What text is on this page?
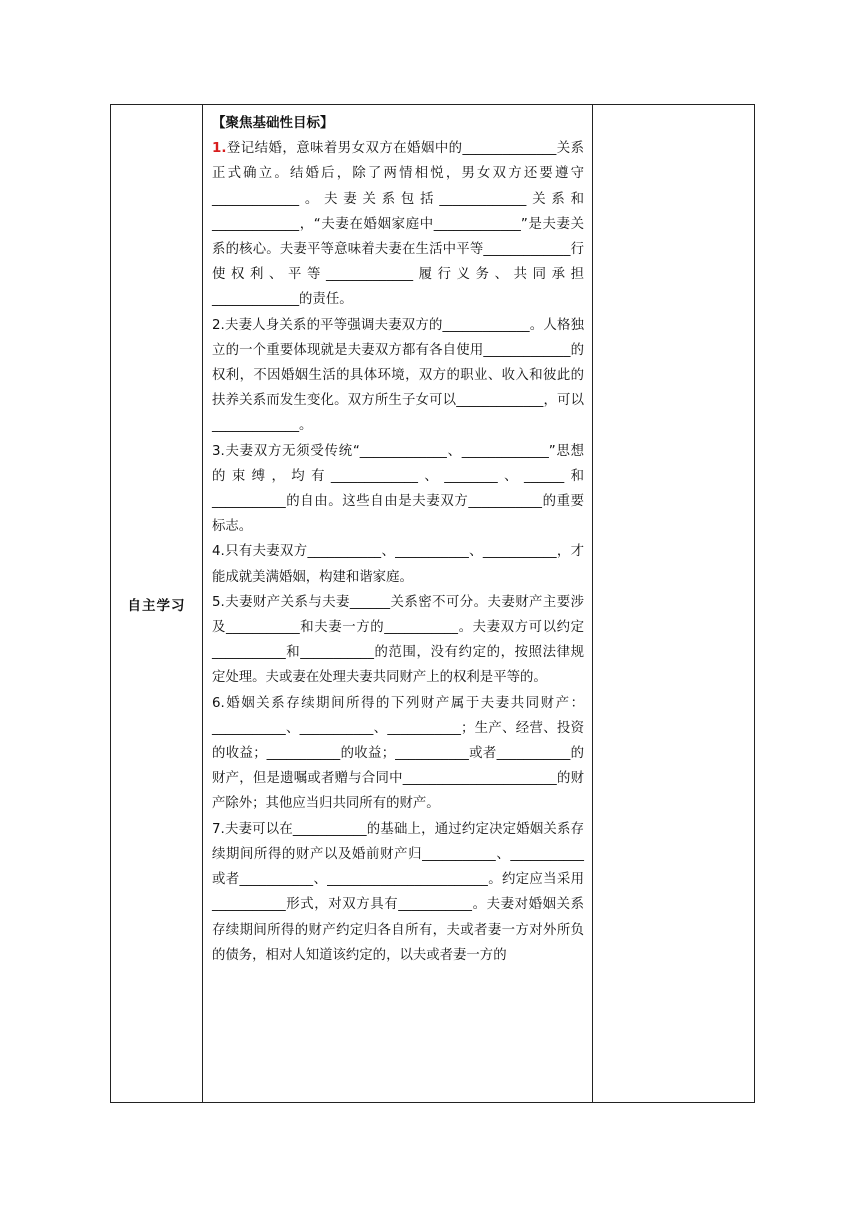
自主学习	

【聚焦基础性目标】

1.登记结婚，意味着男女双方在婚姻中的______________关系正式确立。结婚后，除了两情相悦，男女双方还要遵守_____________。夫妻关系包括_____________关系和_____________，“夫妻在婚姻家庭中_____________”是夫妻关系的核心。夫妻平等意味着夫妻在生活中平等_____________行使权利、平等_____________履行义务、共同承担_____________的责任。

2.夫妻人身关系的平等强调夫妻双方的_____________。人格独立的一个重要体现就是夫妻双方都有各自使用_____________的权利，不因婚姻生活的具体环境，双方的职业、收入和彼此的扶养关系而发生变化。双方所生子女可以_____________，可以_____________。

3.夫妻双方无须受传统“_____________、_____________”思想的束缚，均有_____________、________、______和___________的自由。这些自由是夫妻双方___________的重要标志。

4.只有夫妻双方___________、___________、___________，才能成就美满婚姻，构建和谐家庭。

5.夫妻财产关系与夫妻______关系密不可分。夫妻财产主要涉及___________和夫妻一方的___________。夫妻双方可以约定___________和___________的范围，没有约定的，按照法律规定处理。夫或妻在处理夫妻共同财产上的权利是平等的。

6.婚姻关系存续期间所得的下列财产属于夫妻共同财产：___________、___________、___________；生产、经营、投资的收益；___________的收益；___________或者___________的财产，但是遗嘱或者赠与合同中_______________________的财产除外；其他应当归共同所有的财产。

7.夫妻可以在___________的基础上，通过约定决定婚姻关系存续期间所得的财产以及婚前财产归___________、___________或者___________、________________________。约定应当采用___________形式，对双方具有___________。夫妻对婚姻关系存续期间所得的财产约定归各自所有，夫或者妻一方对外所负的债务，相对人知道该约定的，以夫或者妻一方的
